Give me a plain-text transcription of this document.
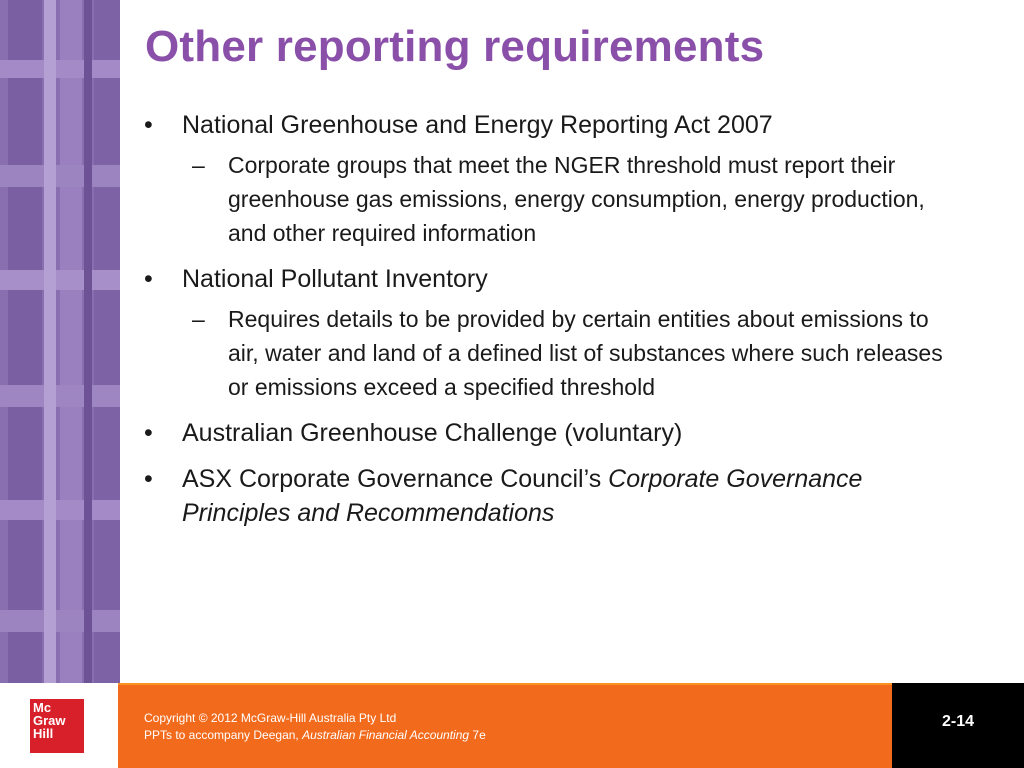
Other reporting requirements
•	National Greenhouse and Energy Reporting Act 2007
– Corporate groups that meet the NGER threshold must report their greenhouse gas emissions, energy consumption, energy production, and other required information
•	National Pollutant Inventory
– Requires details to be provided by certain entities about emissions to air, water and land of a defined list of substances where such releases or emissions exceed a specified threshold
•	Australian Greenhouse Challenge (voluntary)
•	ASX Corporate Governance Council’s Corporate Governance Principles and Recommendations
Mc
Graw
Hill
Copyright © 2012 McGraw-Hill Australia Pty Ltd
PPTs to accompany Deegan, Australian Financial Accounting 7e
2-14
